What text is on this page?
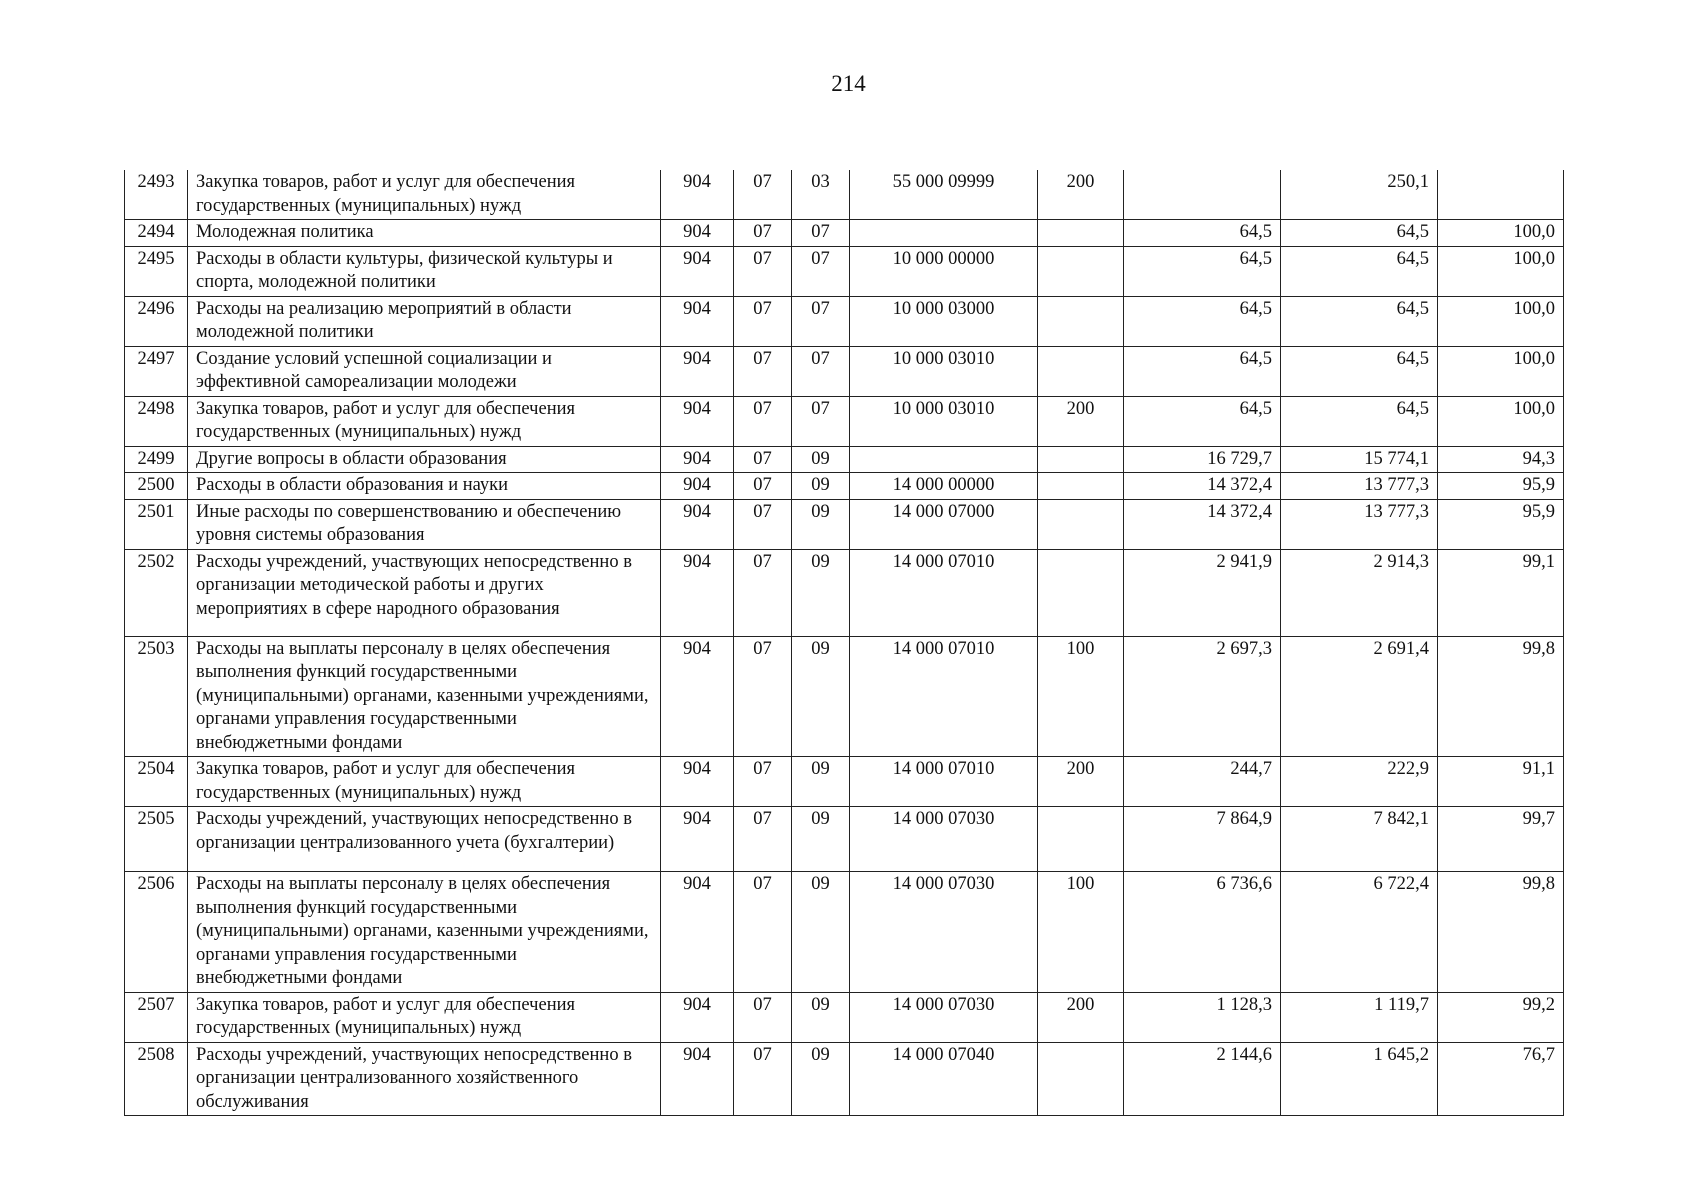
214
2493	Закупка товаров, работ и услуг для обеспечения государственных (муниципальных) нужд	904	07	03	55 000 09999	200		250,1	
2494	Молодежная политика	904	07	07			64,5	64,5	100,0
2495	Расходы в области культуры, физической культуры и спорта, молодежной политики	904	07	07	10 000 00000		64,5	64,5	100,0
2496	Расходы на реализацию мероприятий в области молодежной политики	904	07	07	10 000 03000		64,5	64,5	100,0
2497	Создание условий успешной социализации и эффективной самореализации молодежи	904	07	07	10 000 03010		64,5	64,5	100,0
2498	Закупка товаров, работ и услуг для обеспечения государственных (муниципальных) нужд	904	07	07	10 000 03010	200	64,5	64,5	100,0
2499	Другие вопросы в области образования	904	07	09			16 729,7	15 774,1	94,3
2500	Расходы в области образования и науки	904	07	09	14 000 00000		14 372,4	13 777,3	95,9
2501	Иные расходы по совершенствованию и обеспечению уровня системы образования	904	07	09	14 000 07000		14 372,4	13 777,3	95,9
2502	Расходы учреждений, участвующих непосредственно в организации методической работы и других мероприятиях в сфере народного образования	904	07	09	14 000 07010		2 941,9	2 914,3	99,1
2503	Расходы на выплаты персоналу в целях обеспечения выполнения функций государственными (муниципальными) органами, казенными учреждениями, органами управления государственными внебюджетными фондами	904	07	09	14 000 07010	100	2 697,3	2 691,4	99,8
2504	Закупка товаров, работ и услуг для обеспечения государственных (муниципальных) нужд	904	07	09	14 000 07010	200	244,7	222,9	91,1
2505	Расходы учреждений, участвующих непосредственно в организации централизованного учета (бухгалтерии)	904	07	09	14 000 07030		7 864,9	7 842,1	99,7
2506	Расходы на выплаты персоналу в целях обеспечения выполнения функций государственными (муниципальными) органами, казенными учреждениями, органами управления государственными внебюджетными фондами	904	07	09	14 000 07030	100	6 736,6	6 722,4	99,8
2507	Закупка товаров, работ и услуг для обеспечения государственных (муниципальных) нужд	904	07	09	14 000 07030	200	1 128,3	1 119,7	99,2
2508	Расходы учреждений, участвующих непосредственно в организации централизованного хозяйственного обслуживания	904	07	09	14 000 07040		2 144,6	1 645,2	76,7
